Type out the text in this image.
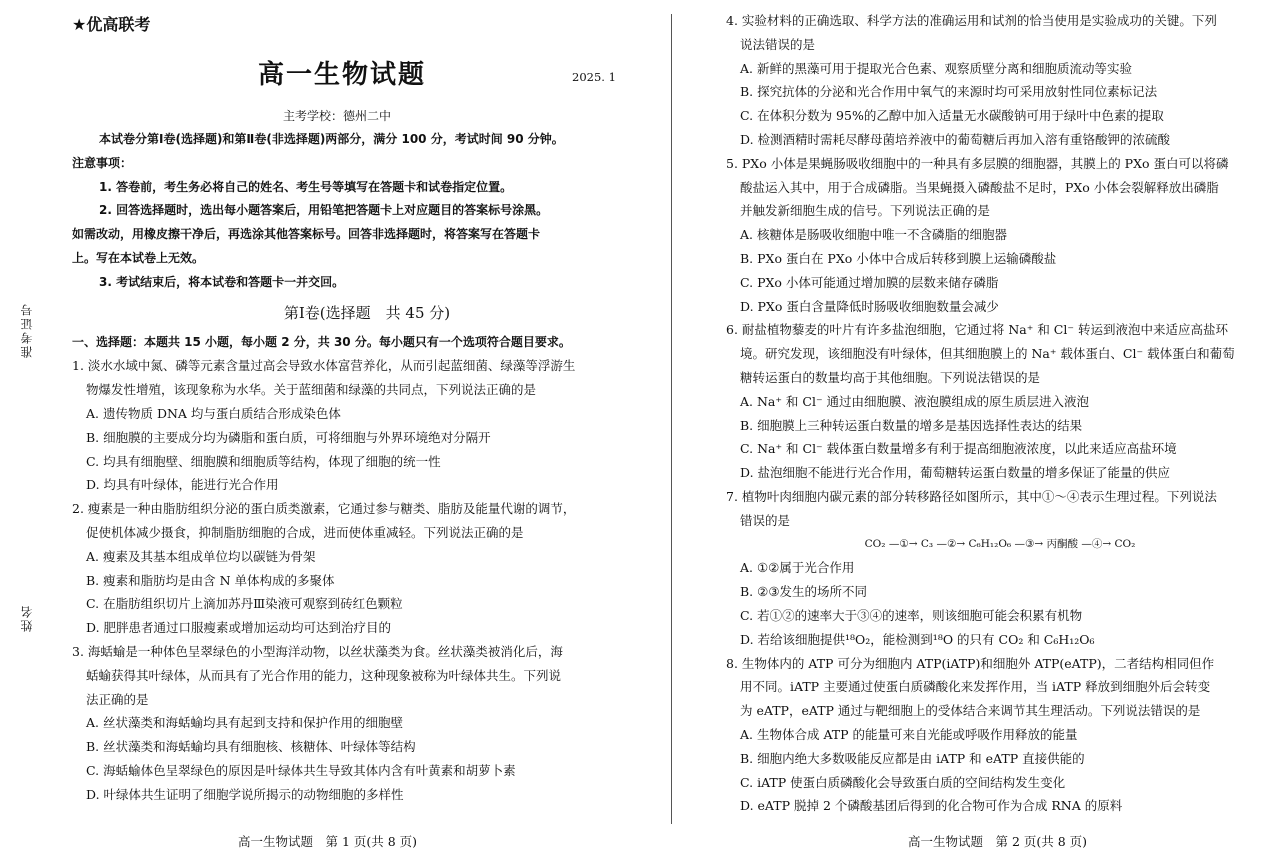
准考证号
姓名
★优高联考
高一生物试题	2025. 1
主考学校：德州二中
本试卷分第Ⅰ卷(选择题)和第Ⅱ卷(非选择题)两部分，满分 100 分，考试时间 90 分钟。
注意事项：
1. 答卷前，考生务必将自己的姓名、考生号等填写在答题卡和试卷指定位置。
2. 回答选择题时，选出每小题答案后，用铅笔把答题卡上对应题目的答案标号涂黑。
如需改动，用橡皮擦干净后，再选涂其他答案标号。回答非选择题时，将答案写在答题卡
上。写在本试卷上无效。
3. 考试结束后，将本试卷和答题卡一并交回。
第Ⅰ卷(选择题　共 45 分)
一、选择题：本题共 15 小题，每小题 2 分，共 30 分。每小题只有一个选项符合题目要求。
1. 淡水水域中氮、磷等元素含量过高会导致水体富营养化，从而引起蓝细菌、绿藻等浮游生
物爆发性增殖，该现象称为水华。关于蓝细菌和绿藻的共同点，下列说法正确的是
A. 遗传物质 DNA 均与蛋白质结合形成染色体
B. 细胞膜的主要成分均为磷脂和蛋白质，可将细胞与外界环境绝对分隔开
C. 均具有细胞壁、细胞膜和细胞质等结构，体现了细胞的统一性
D. 均具有叶绿体，能进行光合作用
2. 瘦素是一种由脂肪组织分泌的蛋白质类激素，它通过参与糖类、脂肪及能量代谢的调节，
促使机体减少摄食，抑制脂肪细胞的合成，进而使体重减轻。下列说法正确的是
A. 瘦素及其基本组成单位均以碳链为骨架
B. 瘦素和脂肪均是由含 N 单体构成的多聚体
C. 在脂肪组织切片上滴加苏丹Ⅲ染液可观察到砖红色颗粒
D. 肥胖患者通过口服瘦素或增加运动均可达到治疗目的
3. 海蛞蝓是一种体色呈翠绿色的小型海洋动物，以丝状藻类为食。丝状藻类被消化后，海
蛞蝓获得其叶绿体，从而具有了光合作用的能力，这种现象被称为叶绿体共生。下列说
法正确的是
A. 丝状藻类和海蛞蝓均具有起到支持和保护作用的细胞壁
B. 丝状藻类和海蛞蝓均具有细胞核、核糖体、叶绿体等结构
C. 海蛞蝓体色呈翠绿色的原因是叶绿体共生导致其体内含有叶黄素和胡萝卜素
D. 叶绿体共生证明了细胞学说所揭示的动物细胞的多样性
4. 实验材料的正确选取、科学方法的准确运用和试剂的恰当使用是实验成功的关键。下列
说法错误的是
A. 新鲜的黑藻可用于提取光合色素、观察质壁分离和细胞质流动等实验
B. 探究抗体的分泌和光合作用中氧气的来源时均可采用放射性同位素标记法
C. 在体积分数为 95%的乙醇中加入适量无水碳酸钠可用于绿叶中色素的提取
D. 检测酒精时需耗尽酵母菌培养液中的葡萄糖后再加入溶有重铬酸钾的浓硫酸
5. PXo 小体是果蝇肠吸收细胞中的一种具有多层膜的细胞器，其膜上的 PXo 蛋白可以将磷
酸盐运入其中，用于合成磷脂。当果蝇摄入磷酸盐不足时，PXo 小体会裂解释放出磷脂
并触发新细胞生成的信号。下列说法正确的是
A. 核糖体是肠吸收细胞中唯一不含磷脂的细胞器
B. PXo 蛋白在 PXo 小体中合成后转移到膜上运输磷酸盐
C. PXo 小体可能通过增加膜的层数来储存磷脂
D. PXo 蛋白含量降低时肠吸收细胞数量会减少
6. 耐盐植物藜麦的叶片有许多盐泡细胞，它通过将 Na⁺ 和 Cl⁻ 转运到液泡中来适应高盐环
境。研究发现，该细胞没有叶绿体，但其细胞膜上的 Na⁺ 载体蛋白、Cl⁻ 载体蛋白和葡萄
糖转运蛋白的数量均高于其他细胞。下列说法错误的是
A. Na⁺ 和 Cl⁻ 通过由细胞膜、液泡膜组成的原生质层进入液泡
B. 细胞膜上三种转运蛋白数量的增多是基因选择性表达的结果
C. Na⁺ 和 Cl⁻ 载体蛋白数量增多有利于提高细胞液浓度，以此来适应高盐环境
D. 盐泡细胞不能进行光合作用，葡萄糖转运蛋白数量的增多保证了能量的供应
7. 植物叶肉细胞内碳元素的部分转移路径如图所示，其中①～④表示生理过程。下列说法
错误的是
CO₂ —①→ C₃ —②→ C₆H₁₂O₆ —③→ 丙酮酸 —④→ CO₂
A. ①②属于光合作用
B. ②③发生的场所不同
C. 若①②的速率大于③④的速率，则该细胞可能会积累有机物
D. 若给该细胞提供¹⁸O₂，能检测到¹⁸O 的只有 CO₂ 和 C₆H₁₂O₆
8. 生物体内的 ATP 可分为细胞内 ATP(iATP)和细胞外 ATP(eATP)，二者结构相同但作
用不同。iATP 主要通过使蛋白质磷酸化来发挥作用，当 iATP 释放到细胞外后会转变
为 eATP，eATP 通过与靶细胞上的受体结合来调节其生理活动。下列说法错误的是
A. 生物体合成 ATP 的能量可来自光能或呼吸作用释放的能量
B. 细胞内绝大多数吸能反应都是由 iATP 和 eATP 直接供能的
C. iATP 使蛋白质磷酸化会导致蛋白质的空间结构发生变化
D. eATP 脱掉 2 个磷酸基团后得到的化合物可作为合成 RNA 的原料
高一生物试题　第 1 页(共 8 页)	高一生物试题　第 2 页(共 8 页)
